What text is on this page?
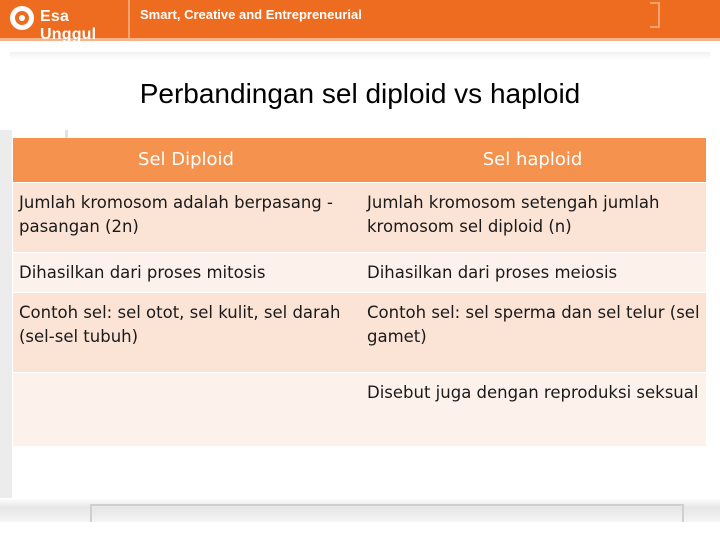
Esa Unggul
Smart, Creative and Entrepreneurial
Perbandingan sel diploid vs haploid
Sel Diploid	Sel haploid
Jumlah kromosom adalah berpasang -pasangan (2n)
Jumlah kromosom setengah jumlah kromosom sel diploid (n)
Dihasilkan dari proses mitosis	Dihasilkan dari proses meiosis
Contoh sel: sel otot, sel kulit, sel darah (sel-sel tubuh)
Contoh sel: sel sperma dan sel telur (sel gamet)
Disebut juga dengan reproduksi seksual
